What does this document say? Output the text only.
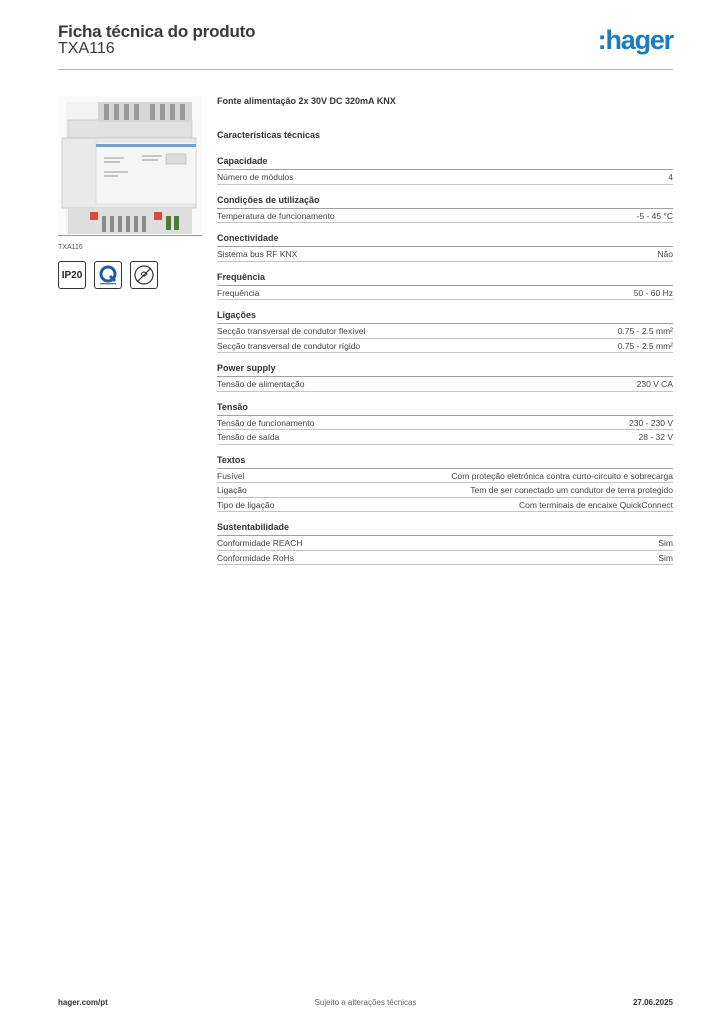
Ficha técnica do produto
TXA116	:hager
TXA116
IP20
Fonte alimentação 2x 30V DC 320mA KNX
Características técnicas
Capacidade
Número de módulos	4
Condições de utilização
Temperatura de funcionamento	-5 - 45 °C
Conectividade
Sistema bus RF KNX	Não
Frequência
Frequência	50 - 60 Hz
Ligações
Secção transversal de condutor flexível	0.75 - 2.5 mm²
Secção transversal de condutor rígido	0.75 - 2.5 mm²
Power supply
Tensão de alimentação	230 V CA
Tensão
Tensão de funcionamento	230 - 230 V
Tensão de saída	28 - 32 V
Textos
Fusível	Com proteção eletrónica contra curto-circuito e sobrecarga
Ligação	Tem de ser conectado um condutor de terra protegido
Tipo de ligação	Com terminais de encaixe QuickConnect
Sustentabilidade
Conformidade REACH	Sim
Conformidade RoHs	Sim
hager.com/pt	Sujeito a alterações técnicas	27.06.2025
